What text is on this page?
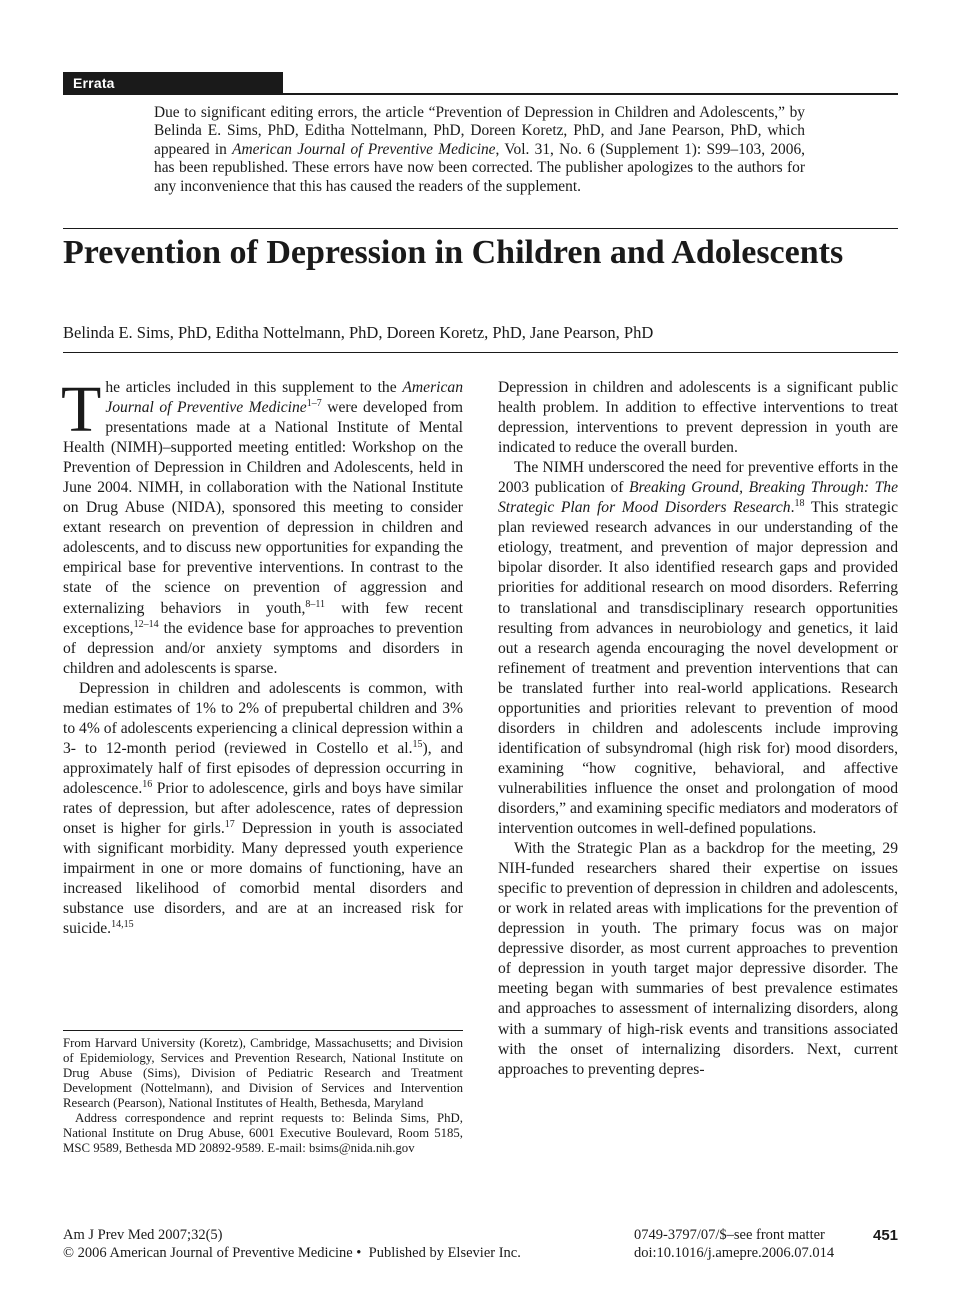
Errata
Due to significant editing errors, the article “Prevention of Depression in Children and Adolescents,” by Belinda E. Sims, PhD, Editha Nottelmann, PhD, Doreen Koretz, PhD, and Jane Pearson, PhD, which appeared in American Journal of Preventive Medicine, Vol. 31, No. 6 (Supplement 1): S99–103, 2006, has been republished. These errors have now been corrected. The publisher apologizes to the authors for any inconvenience that this has caused the readers of the supplement.
Prevention of Depression in Children and Adolescents
Belinda E. Sims, PhD, Editha Nottelmann, PhD, Doreen Koretz, PhD, Jane Pearson, PhD

The articles included in this supplement to the American Journal of Preventive Medicine$^{1-7}$ were developed from presentations made at a National Institute of Mental Health (NIMH)–supported meeting entitled: Workshop on the Prevention of Depression in Children and Adolescents, held in June 2004. NIMH, in collaboration with the National Institute on Drug Abuse (NIDA), sponsored this meeting to consider extant research on prevention of depression in children and adolescents, and to discuss new opportunities for expanding the empirical base for preventive interventions. In contrast to the state of the science on prevention of aggression and externalizing behaviors in youth,$^{8-11}$ with few recent exceptions,$^{12-14}$ the evidence base for approaches to prevention of depression and/or anxiety symptoms and disorders in children and adolescents is sparse.

Depression in children and adolescents is common, with median estimates of 1% to 2% of prepubertal children and 3% to 4% of adolescents experiencing a clinical depression within a 3- to 12-month period (reviewed in Costello et al.$^{15}$), and approximately half of first episodes of depression occurring in adolescence.$^{16}$ Prior to adolescence, girls and boys have similar rates of depression, but after adolescence, rates of depression onset is higher for girls.$^{17}$ Depression in youth is associated with significant morbidity. Many depressed youth experience impairment in one or more domains of functioning, have an increased likelihood of comorbid mental disorders and substance use disorders, and are at an increased risk for suicide.$^{14,15}$

Depression in children and adolescents is a significant public health problem. In addition to effective interventions to treat depression, interventions to prevent depression in youth are indicated to reduce the overall burden.

The NIMH underscored the need for preventive efforts in the 2003 publication of Breaking Ground, Breaking Through: The Strategic Plan for Mood Disorders Research.$^{18}$ This strategic plan reviewed research advances in our understanding of the etiology, treatment, and prevention of major depression and bipolar disorder. It also identified research gaps and provided priorities for additional research on mood disorders. Referring to translational and transdisciplinary research opportunities resulting from advances in neurobiology and genetics, it laid out a research agenda encouraging the novel development or refinement of treatment and prevention interventions that can be translated further into real-world applications. Research opportunities and priorities relevant to prevention of mood disorders in children and adolescents include improving identification of subsyndromal (high risk for) mood disorders, examining “how cognitive, behavioral, and affective vulnerabilities influence the onset and prolongation of mood disorders,” and examining specific mediators and moderators of intervention outcomes in well-defined populations.

With the Strategic Plan as a backdrop for the meeting, 29 NIH-funded researchers shared their expertise on issues specific to prevention of depression in children and adolescents, or work in related areas with implications for the prevention of depression in youth. The primary focus was on major depressive disorder, as most current approaches to prevention of depression in youth target major depressive disorder. The meeting began with summaries of best prevalence estimates and approaches to assessment of internalizing disorders, along with a summary of high-risk events and transitions associated with the onset of internalizing disorders. Next, current approaches to preventing depres-

From Harvard University (Koretz), Cambridge, Massachusetts; and Division of Epidemiology, Services and Prevention Research, National Institute on Drug Abuse (Sims), Division of Pediatric Research and Treatment Development (Nottelmann), and Division of Services and Intervention Research (Pearson), National Institutes of Health, Bethesda, Maryland

Address correspondence and reprint requests to: Belinda Sims, PhD, National Institute on Drug Abuse, 6001 Executive Boulevard, Room 5185, MSC 9589, Bethesda MD 20892-9589. E-mail: bsims@nida.nih.gov

Am J Prev Med 2007;32(5)
© 2006 American Journal of Preventive Medicine • Published by Elsevier Inc.
0749-3797/07/$–see front matter
doi:10.1016/j.amepre.2006.07.014
451
